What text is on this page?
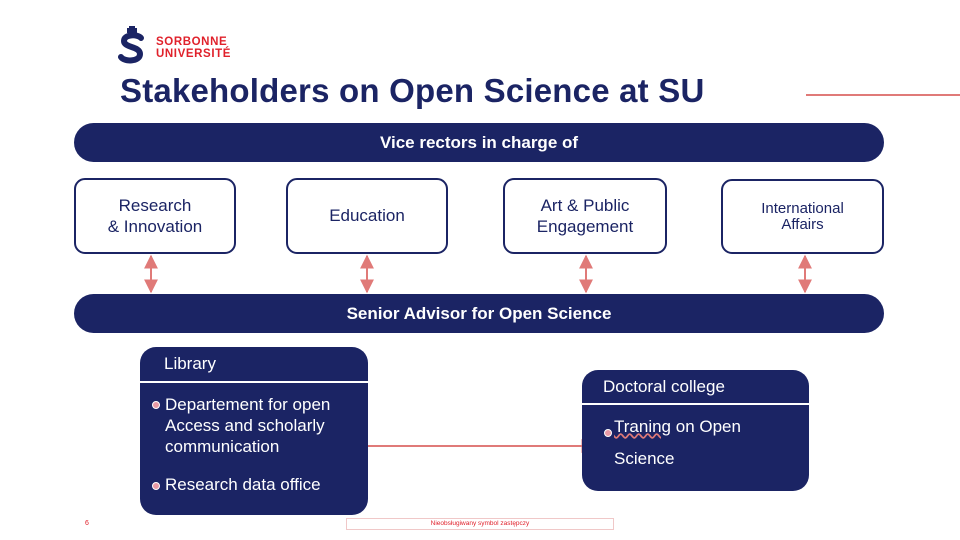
SORBONNE
UNIVERSITÉ
Stakeholders on Open Science at SU
Vice rectors in charge of
Research
& Innovation
Education
Art & Public
Engagement
International
Affairs
Senior Advisor for Open Science
Library
Departement for open Access and scholarly communication
Research data office
Doctoral college
Traning on Open
Science
6	Nieobsługiwany symbol zastępczy
